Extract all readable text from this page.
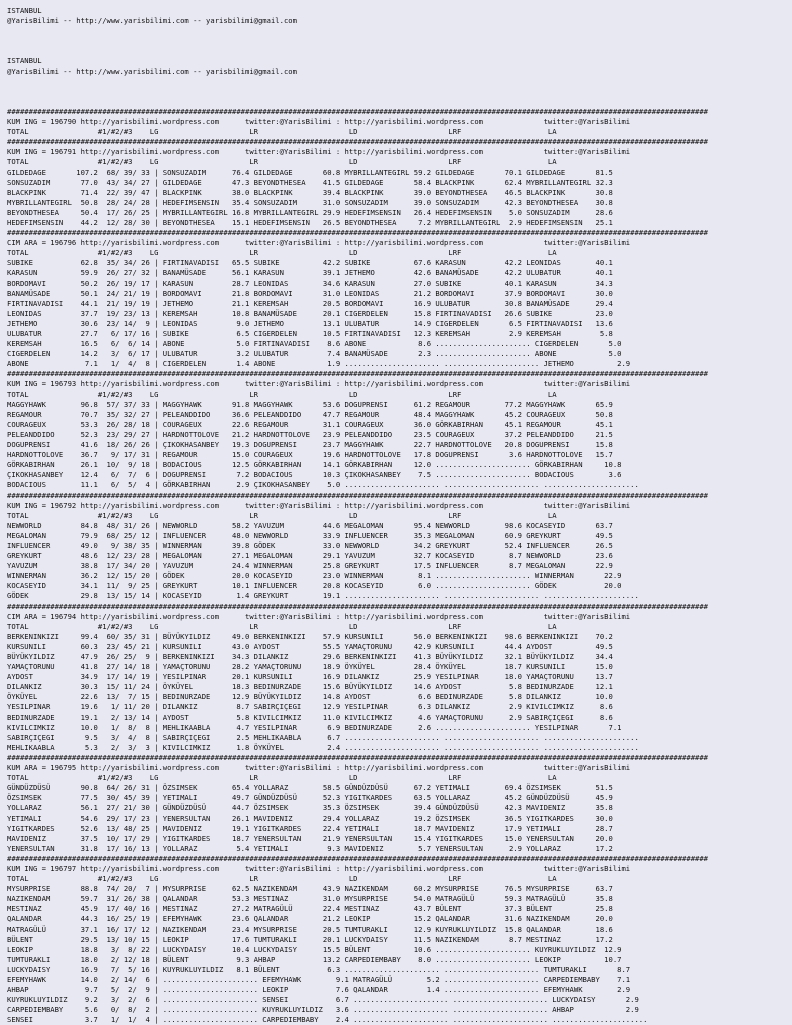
ISTANBUL
@YarisBilimi -- http://www.yarisbilimi.com -- yarisbilimi@gmail.com

ISTANBUL
@YarisBilimi -- http://www.yarisbilimi.com -- yarisbilimi@gmail.com

##################################################################################################################################################################
KUM ING = 196790 http://yarisbilimi.wordpress.com      twitter:@YarisBilimi : http://yarisbilimi.wordpress.com              twitter:@YarisBilimi
TOTAL                #1/#2/#3    LG                     LR                     LD                     LRF                    LA
##################################################################################################################################################################
KUM ING = 196791 http://yarisbilimi.wordpress.com      twitter:@YarisBilimi : http://yarisbilimi.wordpress.com              twitter:@YarisBilimi
TOTAL                #1/#2/#3    LG                     LR                     LD                     LRF                    LA
GILDEDAGE       107.2  68/ 39/ 33 | SONSUZADIM      76.4 GILDEDAGE       60.8 MYBRILLANTEGIRL 59.2 GILDEDAGE       70.1 GILDEDAGE       81.5
SONSUZADIM       77.0  43/ 34/ 27 | GILDEDAGE       47.3 BEYONDTHESEA    41.5 GILDEDAGE       58.4 BLACKPINK       62.4 MYBRILLANTEGIRL 32.3
BLACKPINK        71.4  22/ 39/ 47 | BLACKPINK       38.0 BLACKPINK       39.4 BLACKPINK       39.0 BEYONDTHESEA    46.5 BLACKPINK       30.8
MYBRILLANTEGIRL  50.8  28/ 24/ 28 | HEDEFIMSENSIN   35.4 SONSUZADIM      31.0 SONSUZADIM      39.0 SONSUZADIM      42.3 BEYONDTHESEA    30.8
BEYONDTHESEA     50.4  17/ 26/ 25 | MYBRILLANTEGIRL 16.8 MYBRILLANTEGIRL 29.9 HEDEFIMSENSIN   26.4 HEDEFIMSENSIN    5.0 SONSUZADIM      28.6
HEDEFIMSENSIN    44.2  12/ 28/ 30 | BEYONDTHESEA    15.1 HEDEFIMSENSIN   26.5 BEYONDTHESEA     7.2 MYBRILLANTEGIRL  2.9 HEDEFIMSENSIN   25.1
##################################################################################################################################################################
CIM ARA = 196796 http://yarisbilimi.wordpress.com      twitter:@YarisBilimi : http://yarisbilimi.wordpress.com              twitter:@YarisBilimi
TOTAL                #1/#2/#3    LG                     LR                     LD                     LRF                    LA
SUBIKE           62.8  35/ 34/ 26 | FIRTINAVADISI   65.5 SUBIKE          42.2 SUBIKE          67.6 KARASUN         42.2 LEONIDAS        40.1
KARASUN          59.9  26/ 27/ 32 | BANAMÜSADE      56.1 KARASUN         39.1 JETHEMO         42.6 BANAMÜSADE      42.2 ULUBATUR        40.1
BORDOMAVI        50.2  26/ 19/ 17 | KARASUN         28.7 LEONIDAS        34.6 KARASUN         27.0 SUBIKE          40.1 KARASUN         34.3
BANAMÜSADE       50.1  24/ 21/ 19 | BORDOMAVI       21.8 BORDOMAVI       31.0 LEONIDAS        21.2 BORDOMAVI       37.9 BORDOMAVI       30.0
FIRTINAVADISI    44.1  21/ 19/ 19 | JETHEMO         21.1 KEREMSAH        20.5 BORDOMAVI       16.9 ULUBATUR        30.8 BANAMÜSADE      29.4
LEONIDAS         37.7  19/ 23/ 13 | KEREMSAH        10.8 BANAMÜSADE      20.1 CIGERDELEN      15.8 FIRTINAVADISI   26.6 SUBIKE          23.0
JETHEMO          30.6  23/ 14/  9 | LEONIDAS         9.0 JETHEMO         13.1 ULUBATUR        14.9 CIGERDELEN       6.5 FIRTINAVADISI   13.6
ULUBATUR         27.7   6/ 17/ 16 | SUBIKE           6.5 CIGERDELEN      10.5 FIRTINAVADISI   12.3 KEREMSAH         2.9 KEREMSAH         5.8
KEREMSAH         16.5   6/  6/ 14 | ABONE            5.0 FIRTINAVADISI    8.6 ABONE            8.6 ...................... CIGERDELEN       5.0
CIGERDELEN       14.2   3/  6/ 17 | ULUBATUR         3.2 ULUBATUR         7.4 BANAMÜSADE       2.3 ...................... ABONE            5.0
ABONE             7.1   1/  4/  8 | CIGERDELEN       1.4 ABONE            1.9 ...................... ...................... JETHEMO          2.9
##################################################################################################################################################################
KUM ING = 196793 http://yarisbilimi.wordpress.com      twitter:@YarisBilimi : http://yarisbilimi.wordpress.com              twitter:@YarisBilimi
TOTAL                #1/#2/#3    LG                     LR                     LD                     LRF                    LA
MAGGYHAWK        96.8  57/ 37/ 33 | MAGGYHAWK       91.8 MAGGYHAWK       53.6 DOGUPRENSI      61.2 REGAMOUR        77.2 MAGGYHAWK       65.9
REGAMOUR         70.7  35/ 32/ 27 | PELEANDDIDO     36.6 PELEANDDIDO     47.7 REGAMOUR        48.4 MAGGYHAWK       45.2 COURAGEUX       50.8
COURAGEUX        53.3  26/ 28/ 18 | COURAGEUX       22.6 REGAMOUR        31.1 COURAGEUX       36.0 GÖRKABIRHAN     45.1 REGAMOUR        45.1
PELEANDDIDO      52.3  23/ 29/ 27 | HARDNOTTOLOVE   21.2 HARDNOTTOLOVE   23.9 PELEANDDIDO     23.5 COURAGEUX       37.2 PELEANDDIDO     21.5
DOGUPRENSI       41.6  18/ 26/ 26 | ÇIKOKHASANBEY   19.3 DOGUPRENSI      23.7 MAGGYHAWK       22.7 HARDNOTTOLOVE   20.8 DOGUPRENSI      15.8
HARDNOTTOLOVE    36.7   9/ 17/ 31 | REGAMOUR        15.0 COURAGEUX       19.6 HARDNOTTOLOVE   17.8 DOGUPRENSI       3.6 HARDNOTTOLOVE   15.7
GÖRKABIRHAN      26.1  10/  9/ 18 | BODACIOUS       12.5 GÖRKABIRHAN     14.1 GÖRKABIRHAN     12.0 ...................... GÖRKABIRHAN     10.8
ÇIKOKHASANBEY    12.4   6/  7/  6 | DOGUPRENSI       7.2 BODACIOUS       10.3 ÇIKOKHASANBEY    7.5 ...................... BODACIOUS        3.6
BODACIOUS        11.1   6/  5/  4 | GÖRKABIRHAN      2.9 ÇIKOKHASANBEY    5.0 ...................... ...................... ......................
##################################################################################################################################################################
KUM ING = 196792 http://yarisbilimi.wordpress.com      twitter:@YarisBilimi : http://yarisbilimi.wordpress.com              twitter:@YarisBilimi
TOTAL                #1/#2/#3    LG                     LR                     LD                     LRF                    LA
NEWWORLD         84.8  48/ 31/ 26 | NEWWORLD        58.2 YAVUZUM         44.6 MEGALOMAN       95.4 NEWWORLD        98.6 KOCASEYID       63.7
MEGALOMAN        79.9  68/ 25/ 12 | INFLUENCER      48.0 NEWWORLD        33.9 INFLUENCER      35.3 MEGALOMAN       60.9 GREYKURT        49.5
INFLUENCER       49.0   9/ 38/ 35 | WINNERMAN       39.8 GÖDEK           33.0 NEWWORLD        34.2 GREYKURT        52.4 INFLUENCER      26.5
GREYKURT         48.6  12/ 23/ 28 | MEGALOMAN       27.1 MEGALOMAN       29.1 YAVUZUM         32.7 KOCASEYID        8.7 NEWWORLD        23.6
YAVUZUM          38.8  17/ 34/ 20 | YAVUZUM         24.4 WINNERMAN       25.8 GREYKURT        17.5 INFLUENCER       8.7 MEGALOMAN       22.9
WINNERMAN        36.2  12/ 15/ 20 | GÖDEK           20.0 KOCASEYID       23.0 WINNERMAN        8.1 ...................... WINNERMAN       22.9
KOCASEYID        34.1  11/  9/ 25 | GREYKURT        10.1 INFLUENCER      20.8 KOCASEYID        6.0 ...................... GÖDEK           20.0
GÖDEK            29.8  13/ 15/ 14 | KOCASEYID        1.4 GREYKURT        19.1 ...................... ...................... ......................
##################################################################################################################################################################
CIM ARA = 196794 http://yarisbilimi.wordpress.com      twitter:@YarisBilimi : http://yarisbilimi.wordpress.com              twitter:@YarisBilimi
TOTAL                #1/#2/#3    LG                     LR                     LD                     LRF                    LA
BERKENINKIZI     99.4  60/ 35/ 31 | BÜYÜKYILDIZ     49.0 BERKENINKIZI    57.9 KURSUNILI       56.0 BERKENINKIZI    98.6 BERKENINKIZI    70.2
KURSUNILI        60.3  23/ 45/ 21 | KURSUNILI       43.0 AYDOST          55.5 YAMAÇTORUNU     42.9 KURSUNILI       44.4 AYDOST          49.5
BÜYÜKYILDIZ      47.9  26/ 25/  9 | BERKENINKIZI    34.3 DILANKIZ        29.6 BERKENINKIZI    41.3 BÜYÜKYILDIZ     32.1 BÜYÜKYILDIZ     34.4
YAMAÇTORUNU      41.8  27/ 14/ 18 | YAMAÇTORUNU     28.2 YAMAÇTORUNU     18.9 ÖYKÜYEL         28.4 ÖYKÜYEL         18.7 KURSUNILI       15.0
AYDOST           34.9  17/ 14/ 19 | YESILPINAR      20.1 KURSUNILI       16.9 DILANKIZ        25.9 YESILPINAR      18.0 YAMAÇTORUNU     13.7
DILANKIZ         30.3  15/ 11/ 24 | ÖYKÜYEL         18.3 BEDINURZADE     15.6 BÜYÜKYILDIZ     14.6 AYDOST           5.8 BEDINURZADE     12.1
ÖYKÜYEL          22.6  13/  7/ 15 | BEDINURZADE     12.9 BÜYÜKYILDIZ     14.8 AYDOST           6.6 BEDINURZADE      5.8 DILANKIZ        10.0
YESILPINAR       19.6   1/ 11/ 20 | DILANKIZ         8.7 SABIRÇIÇEGI     12.9 YESILPINAR       6.3 DILANKIZ         2.9 KIVILCIMKIZ      8.6
BEDINURZADE      19.1   2/ 13/ 14 | AYDOST           5.8 KIVILCIMKIZ     11.0 KIVILCIMKIZ      4.6 YAMAÇTORUNU      2.9 SABIRÇIÇEGI      8.6
KIVILCIMKIZ      10.0   1/  8/  8 | MEHLIKAABLA      4.7 YESILPINAR       6.9 BEDINURZADE      2.6 ...................... YESILPINAR       7.1
SABIRÇIÇEGI       9.5   3/  4/  8 | SABIRÇIÇEGI      2.5 MEHLIKAABLA      6.7 ...................... ...................... ......................
MEHLIKAABLA       5.3   2/  3/  3 | KIVILCIMKIZ      1.8 ÖYKÜYEL          2.4 ...................... ...................... ......................
##################################################################################################################################################################
KUM ARA = 196795 http://yarisbilimi.wordpress.com      twitter:@YarisBilimi : http://yarisbilimi.wordpress.com              twitter:@YarisBilimi
TOTAL                #1/#2/#3    LG                     LR                     LD                     LRF                    LA
GÜNDÜZDÜSÜ       90.8  64/ 26/ 31 | ÖZSIMSEK        65.4 YOLLARAZ        58.5 GÜNDÜZDÜSÜ      67.2 YETIMALI        69.4 ÖZSIMSEK        51.5
ÖZSIMSEK         77.5  30/ 45/ 39 | YETIMALI        49.7 GÜNDÜZDÜSÜ      52.3 YIGITKARDES     63.5 YOLLARAZ        45.2 GÜNDÜZDÜSÜ      45.9
YOLLARAZ         56.1  27/ 21/ 30 | GÜNDÜZDÜSÜ      44.7 ÖZSIMSEK        35.3 ÖZSIMSEK        39.4 GÜNDÜZDÜSÜ      42.3 MAVIDENIZ       35.8
YETIMALI         54.6  29/ 17/ 23 | YENERSULTAN     26.1 MAVIDENIZ       29.4 YOLLARAZ        19.2 ÖZSIMSEK        36.5 YIGITKARDES     30.0
YIGITKARDES      52.6  13/ 48/ 25 | MAVIDENIZ       19.1 YIGITKARDES     22.4 YETIMALI        18.7 MAVIDENIZ       17.9 YETIMALI        28.7
MAVIDENIZ        37.5  10/ 17/ 29 | YIGITKARDES     18.7 YENERSULTAN     21.9 YENERSULTAN     15.4 YIGITKARDES     15.0 YENERSULTAN     20.0
YENERSULTAN      31.8  17/ 16/ 13 | YOLLARAZ         5.4 YETIMALI         9.3 MAVIDENIZ        5.7 YENERSULTAN      2.9 YOLLARAZ        17.2
##################################################################################################################################################################
KUM ING = 196797 http://yarisbilimi.wordpress.com      twitter:@YarisBilimi : http://yarisbilimi.wordpress.com              twitter:@YarisBilimi
TOTAL                #1/#2/#3    LG                     LR                     LD                     LRF                    LA
MYSURPRISE       88.8  74/ 20/  7 | MYSURPRISE      62.5 NAZIKENDAM      43.9 NAZIKENDAM      60.2 MYSURPRISE      76.5 MYSURPRISE      63.7
NAZIKENDAM       59.7  31/ 26/ 38 | QALANDAR        53.3 MESTINAZ        31.0 MYSURPRISE      54.0 MATRAGÜLÜ       59.3 MATRAGÜLÜ       35.8
MESTINAZ         45.9  17/ 40/ 16 | MESTINAZ        27.2 MATRAGÜLÜ       22.4 MESTINAZ        43.7 BÜLENT          37.3 BÜLENT          25.8
QALANDAR         44.3  16/ 25/ 19 | EFEMYHAWK       23.6 QALANDAR        21.2 LEOKIP          15.2 QALANDAR        31.6 NAZIKENDAM      20.0
MATRAGÜLÜ        37.1  16/ 17/ 12 | NAZIKENDAM      23.4 MYSURPRISE      20.5 TUMTURAKLI      12.9 KUYRUKLUYILDIZ  15.8 QALANDAR        18.6
BÜLENT           29.5  13/ 10/ 15 | LEOKIP          17.6 TUMTURAKLI      20.1 LUCKYDAISY      11.5 NAZIKENDAM       8.7 MESTINAZ        17.2
LEOKIP           18.8   3/  8/ 22 | LUCKYDAISY      10.4 LUCKYDAISY      15.5 BÜLENT          10.6 ...................... KUYRUKLUYILDIZ  12.9
TUMTURAKLI       18.0   2/ 12/ 18 | BÜLENT           9.3 AHBAP           13.2 CARPEDIEMBABY    8.0 ...................... LEOKIP          10.7
LUCKYDAISY       16.9   7/  5/ 16 | KUYRUKLUYILDIZ   8.1 BÜLENT           6.3 ...................... ...................... TUMTURAKLI       8.7
EFEMYHAWK        14.0   2/ 14/  6 | ...................... EFEMYHAWK        9.1 MATRAGÜLÜ        5.2 ...................... CARPEDIEMBABY    7.1
AHBAP             9.7   5/  2/  9 | ...................... LEOKIP           7.6 QALANDAR         1.4 ...................... EFEMYHAWK        2.9
KUYRUKLUYILDIZ    9.2   3/  2/  6 | ...................... SENSEI           6.7 ...................... ...................... LUCKYDAISY       2.9
CARPEDIEMBABY     5.6   0/  8/  2 | ...................... KUYRUKLUYILDIZ   3.6 ...................... ...................... AHBAP            2.9
SENSEI            3.7   1/  1/  4 | ...................... CARPEDIEMBABY    2.4 ...................... ...................... ......................
